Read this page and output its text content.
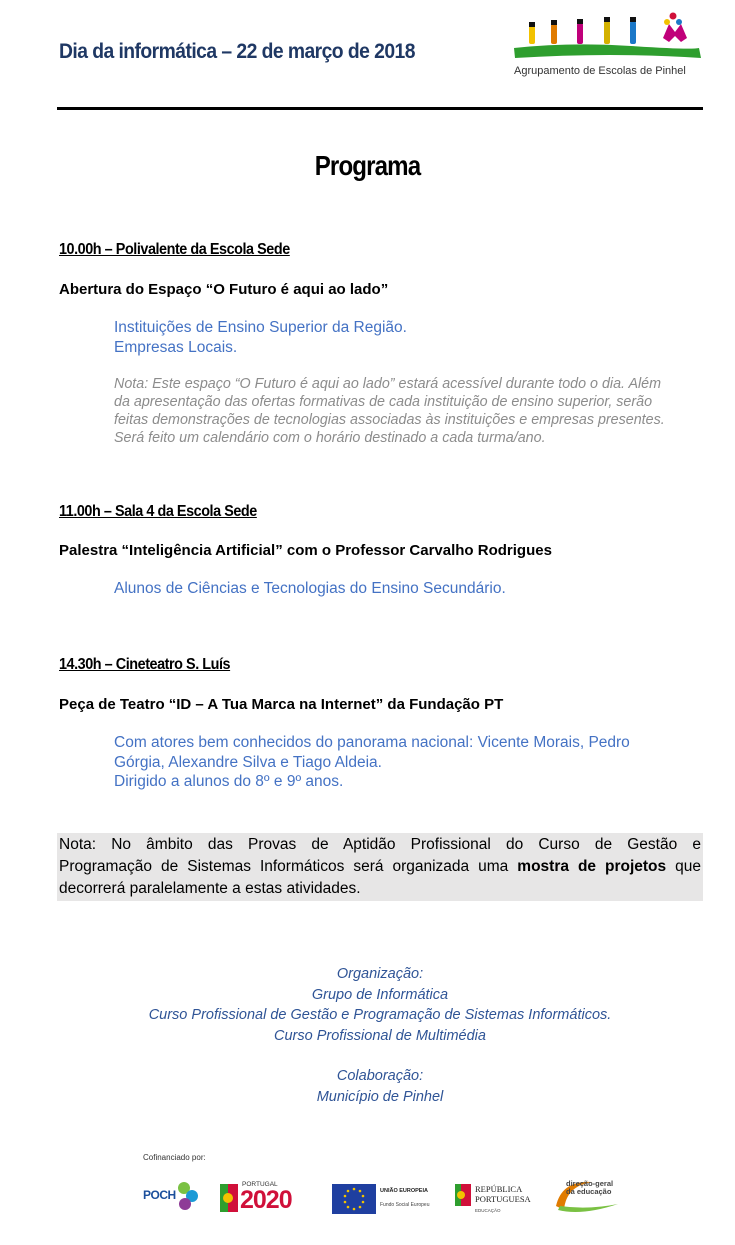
Dia da informática – 22 de março de 2018
Agrupamento de Escolas de Pinhel
Programa
10.00h – Polivalente da Escola Sede
Abertura do Espaço “O Futuro é aqui ao lado”
Instituições de Ensino Superior da Região.
Empresas Locais.
Nota: Este espaço “O Futuro é aqui ao lado” estará acessível durante todo o dia. Além
da apresentação das ofertas formativas de cada instituição de ensino superior, serão
feitas demonstrações de tecnologias associadas às instituições e empresas presentes.
Será feito um calendário com o horário destinado a cada turma/ano.
11.00h – Sala 4 da Escola Sede
Palestra “Inteligência Artificial” com o Professor Carvalho Rodrigues
Alunos de Ciências e Tecnologias do Ensino Secundário.
14.30h – Cineteatro S. Luís
Peça de Teatro “ID – A Tua Marca na Internet” da Fundação PT
Com atores bem conhecidos do panorama nacional: Vicente Morais, Pedro
Górgia, Alexandre Silva e Tiago Aldeia.
Dirigido a alunos do 8º e 9º anos.
Nota: No âmbito das Provas de Aptidão Profissional do Curso de Gestão e
Programação de Sistemas Informáticos será organizada uma mostra de projetos que
decorrerá paralelamente a estas atividades.
Organização:
Grupo de Informática
Curso Profissional de Gestão e Programação de Sistemas Informáticos.
Curso Profissional de Multimédia
Colaboração:
Município de Pinhel
Cofinanciado por:
POCH
PORTUGAL
2020	UNIÃO EUROPEIA
Fundo Social Europeu
REPÚBLICA
PORTUGUESA
EDUCAÇÃO
direção-geral
da educação
